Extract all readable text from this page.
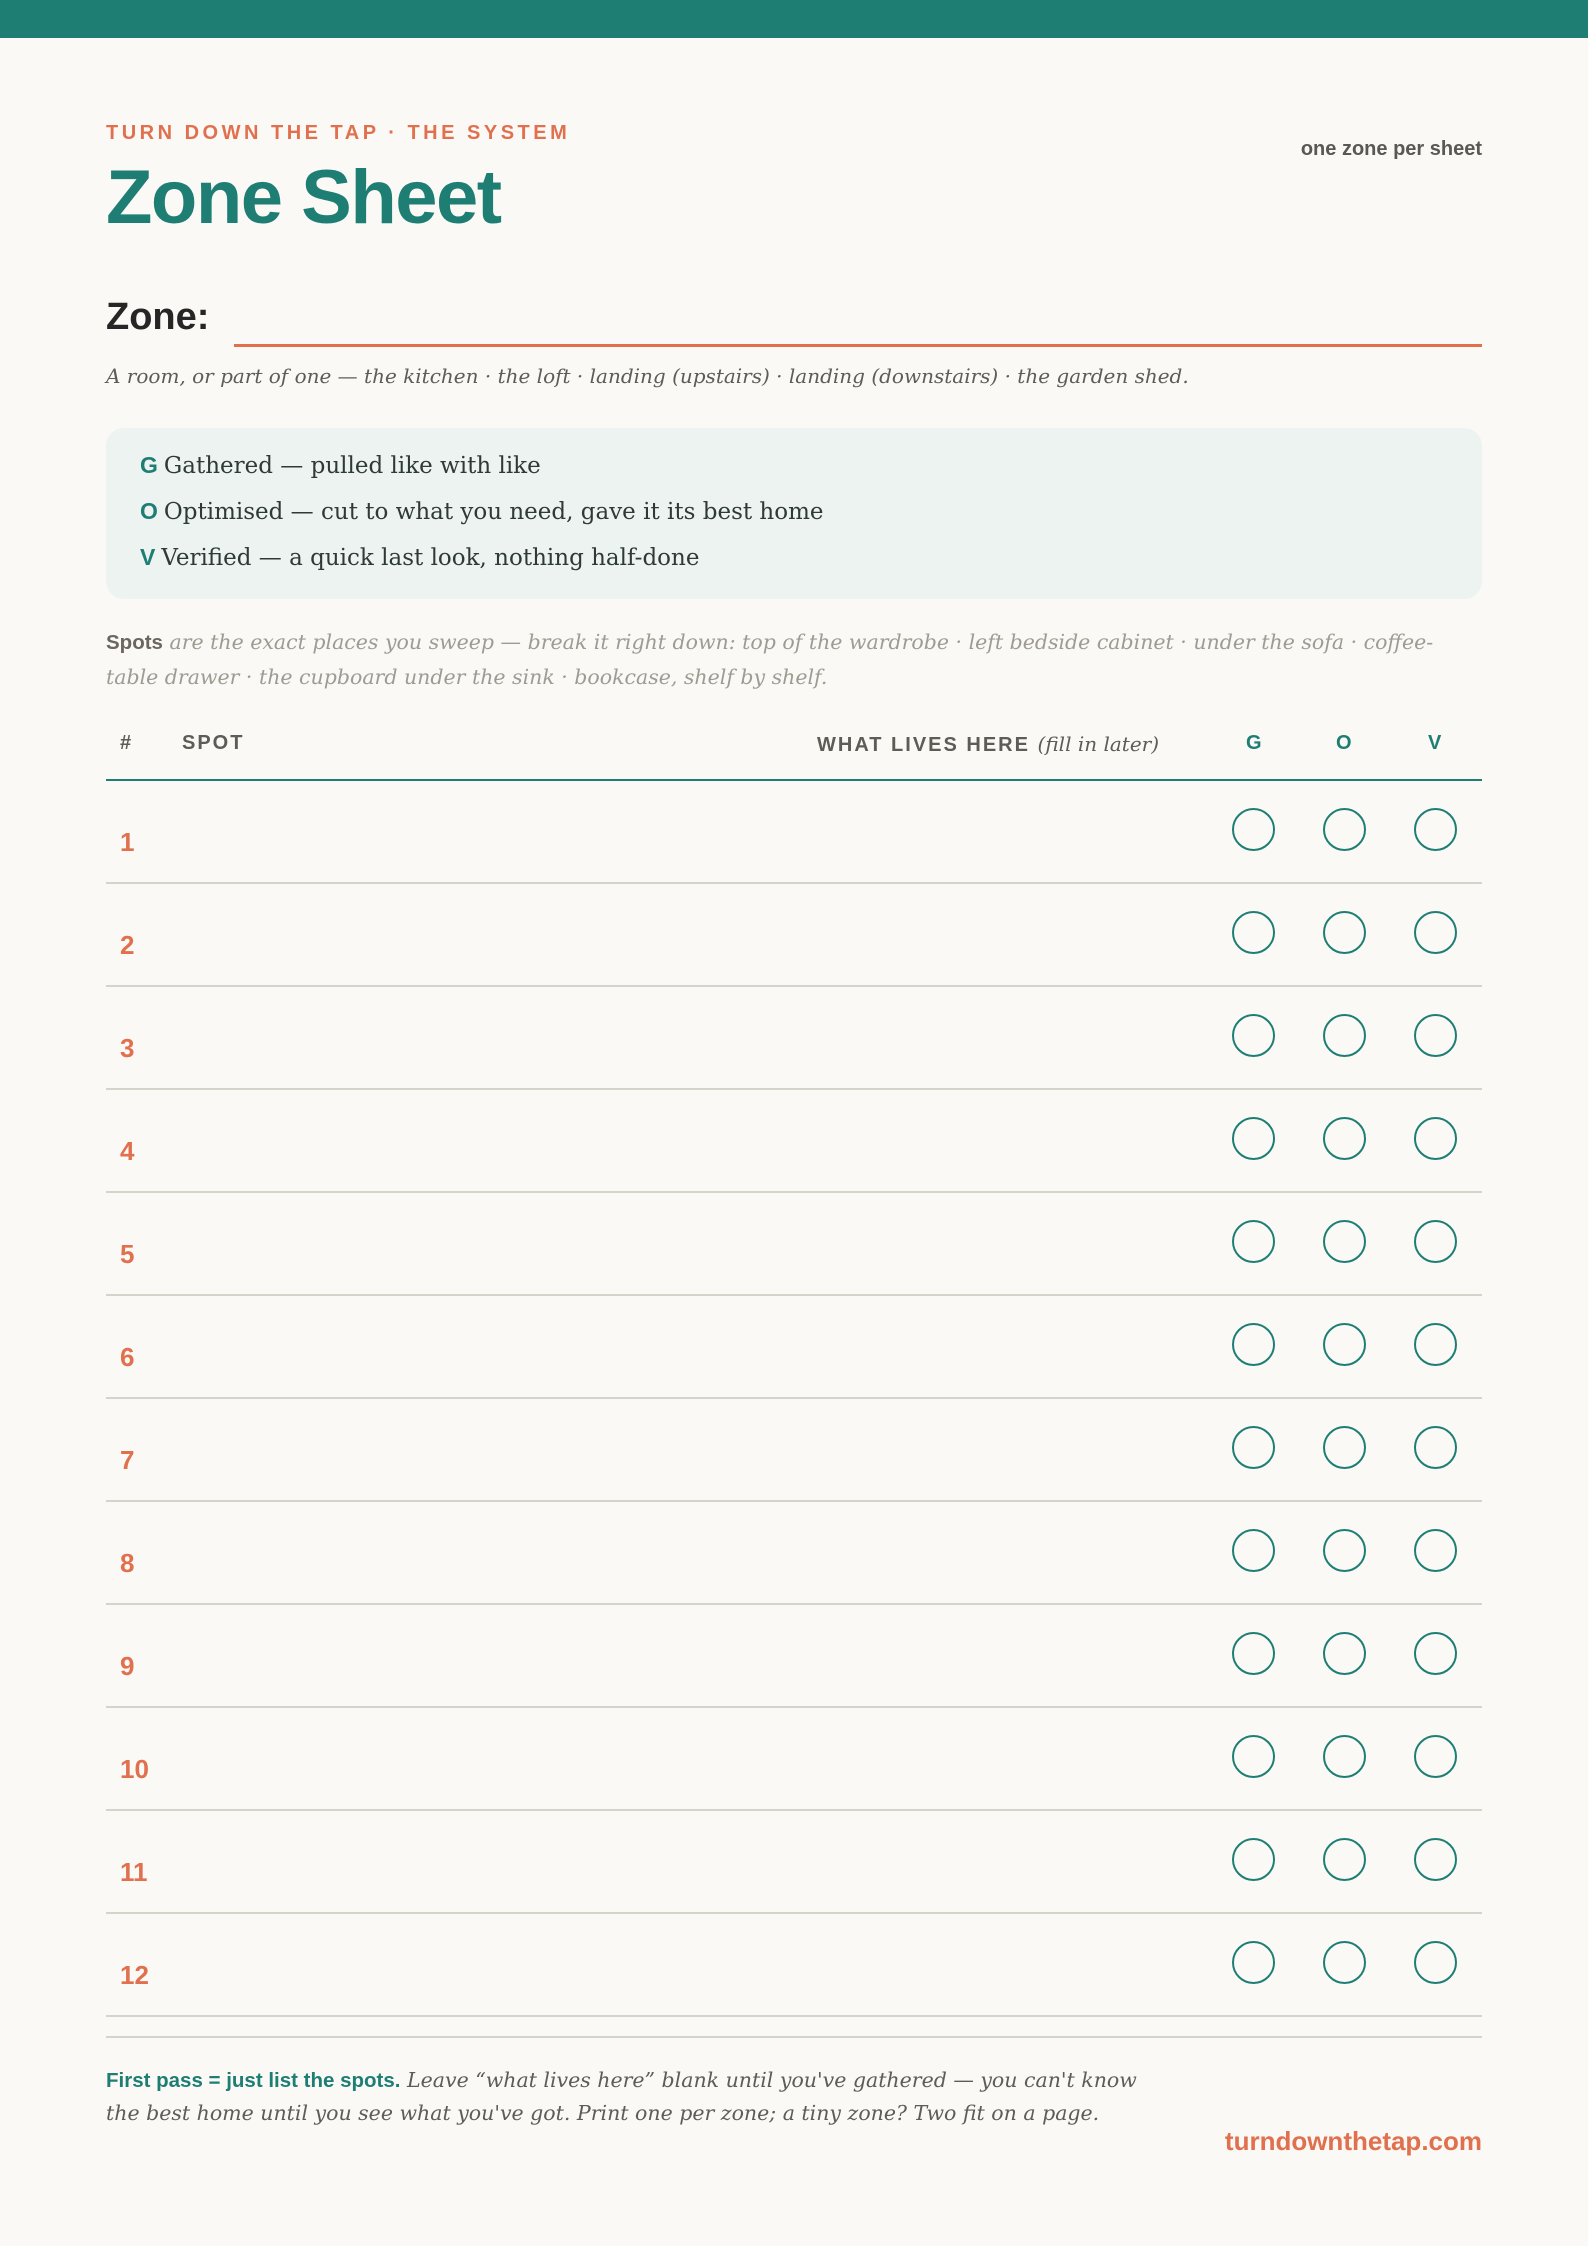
TURN DOWN THE TAP · THE SYSTEM
one zone per sheet
Zone Sheet
Zone:
A room, or part of one — the kitchen · the loft · landing (upstairs) · landing (downstairs) · the garden shed.
G Gathered — pulled like with like
O Optimised — cut to what you need, gave it its best home
V Verified — a quick last look, nothing half-done
Spots are the exact places you sweep — break it right down: top of the wardrobe · left bedside cabinet · under the sofa · coffee-table drawer · the cupboard under the sink · bookcase, shelf by shelf.
# SPOT	WHAT LIVES HERE (fill in later)	G	O	V
1
2
3
4
5
6
7
8
9
10
11
12
First pass = just list the spots. Leave “what lives here” blank until you've gathered — you can't know the best home until you see what you've got. Print one per zone; a tiny zone? Two fit on a page.
turndownthetap.com
